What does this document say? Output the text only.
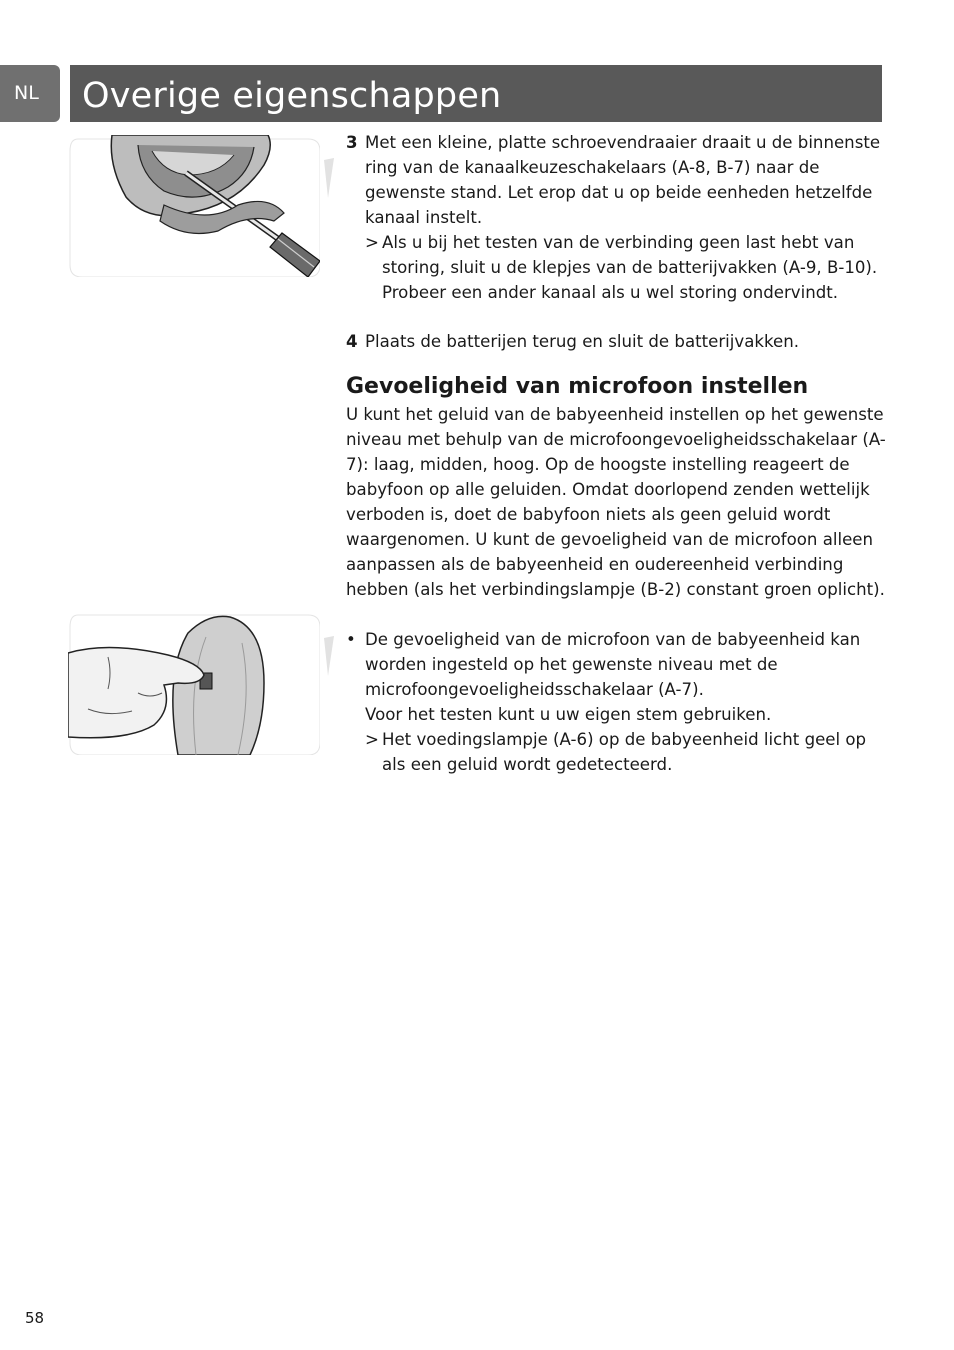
NL	Overige eigenschappen
3 Met een kleine, platte schroevendraaier draait u de binnenste ring van de kanaalkeuzeschakelaars (A-8, B-7) naar de gewenste stand. Let erop dat u op beide eenheden hetzelfde kanaal instelt.
> Als u bij het testen van de verbinding geen last hebt van storing, sluit u de klepjes van de batterijvakken (A-9, B-10). Probeer een ander kanaal als u wel storing ondervindt.
4 Plaats de batterijen terug en sluit de batterijvakken.
Gevoeligheid van microfoon instellen
U kunt het geluid van de babyeenheid instellen op het gewenste niveau met behulp van de microfoongevoeligheidsschakelaar (A-7): laag, midden, hoog. Op de hoogste instelling reageert de babyfoon op alle geluiden. Omdat doorlopend zenden wettelijk verboden is, doet de babyfoon niets als geen geluid wordt waargenomen. U kunt de gevoeligheid van de microfoon alleen aanpassen als de babyeenheid en oudereenheid verbinding hebben (als het verbindingslampje (B-2) constant groen oplicht).
• De gevoeligheid van de microfoon van de babyeenheid kan worden ingesteld op het gewenste niveau met de microfoongevoeligheidsschakelaar (A-7).
Voor het testen kunt u uw eigen stem gebruiken.
> Het voedingslampje (A-6) op de babyeenheid licht geel op als een geluid wordt gedetecteerd.
58
